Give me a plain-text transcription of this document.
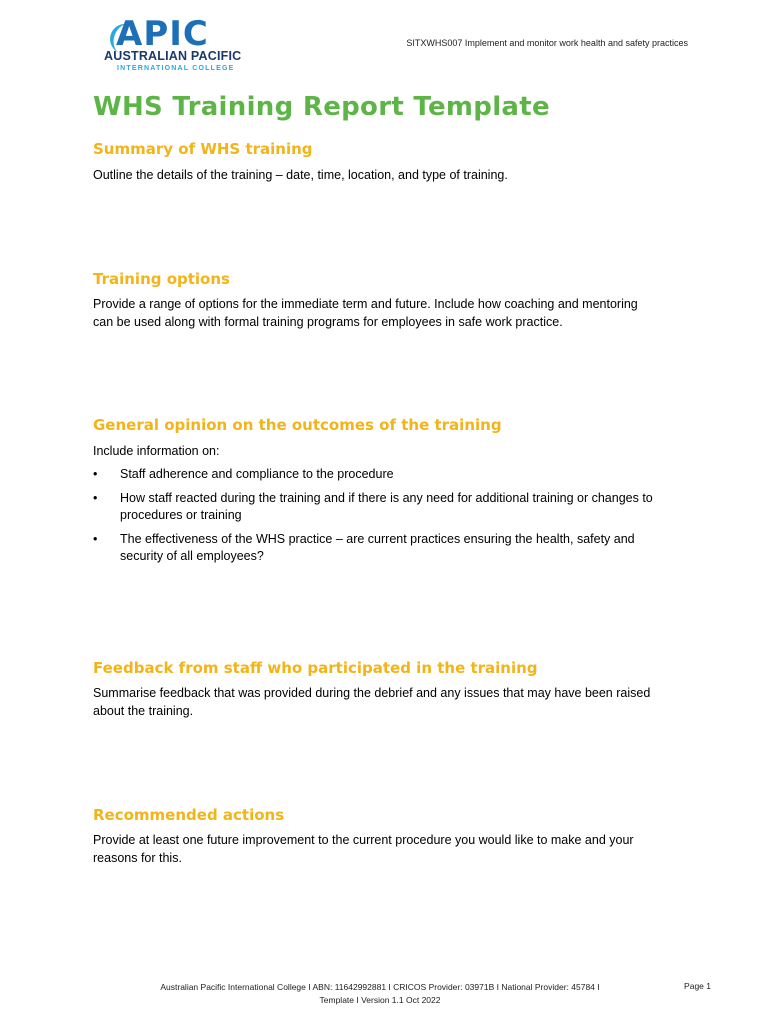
APIC
AUSTRALIAN PACIFIC
INTERNATIONAL COLLEGE
SITXWHS007 Implement and monitor work health and safety practices
WHS Training Report Template
Summary of WHS training

Outline the details of the training – date, time, location, and type of training.

Training options
Provide a range of options for the immediate term and future. Include how coaching and mentoring
can be used along with formal training programs for employees in safe work practice.
General opinion on the outcomes of the training

Include information on:

• Staff adherence and compliance to the procedure
• How staff reacted during the training and if there is any need for additional training or changes to
procedures or training
• The effectiveness of the WHS practice – are current practices ensuring the health, safety and
security of all employees?
Feedback from staff who participated in the training
Summarise feedback that was provided during the debrief and any issues that may have been raised
about the training.
Recommended actions
Provide at least one future improvement to the current procedure you would like to make and your
reasons for this.
Australian Pacific International College I ABN: 11642992881 I CRICOS Provider: 03971B I National Provider: 45784 I
Template I Version 1.1 Oct 2022
Page 1
